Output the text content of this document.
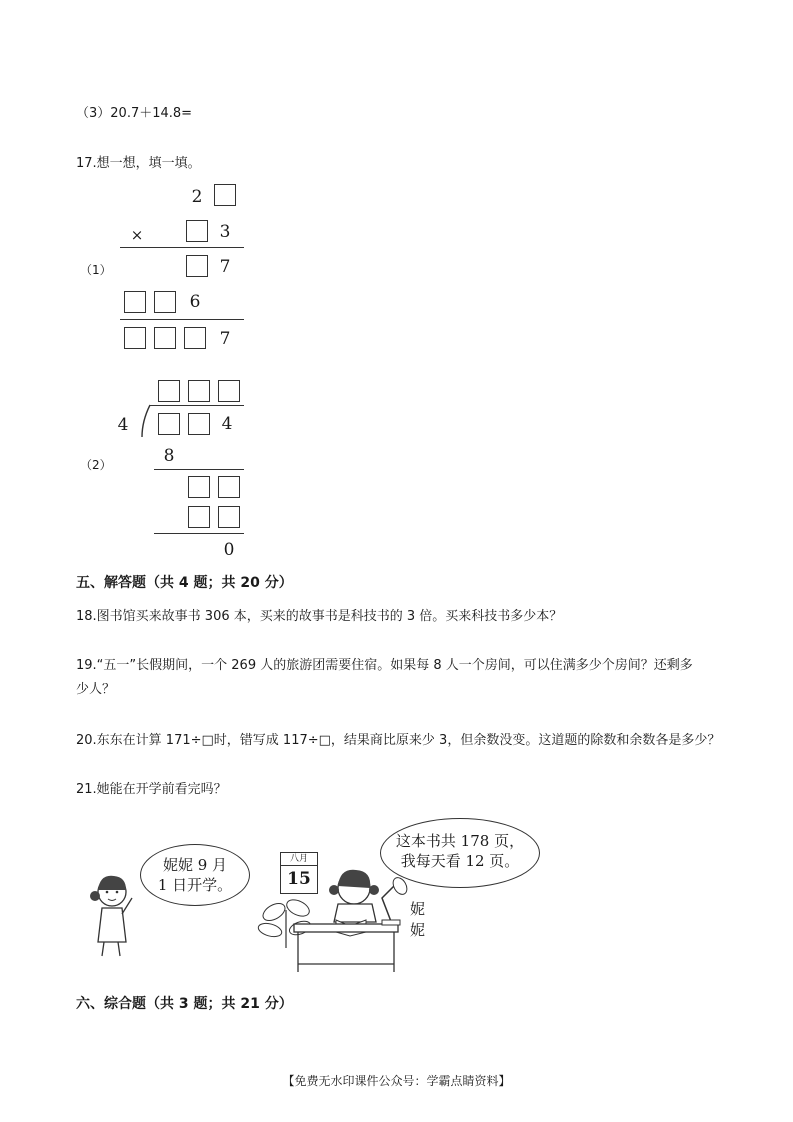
（3）20.7＋14.8=
17.想一想，填一填。
（1）
2
×	3
7
6
7
（2）
4	4
8
0
五、解答题（共 4 题；共 20 分）
18.图书馆买来故事书 306 本，买来的故事书是科技书的 3 倍。买来科技书多少本？
19.“五一”长假期间，一个 269 人的旅游团需要住宿。如果每 8 人一个房间，可以住满多少个房间？还剩多
少人？
20.东东在计算 171÷□时，错写成 117÷□，结果商比原来少 3，但余数没变。这道题的除数和余数各是多少？
21.她能在开学前看完吗？
妮妮 9 月
1 日开学。
八月
15
妮妮
这本书共 178 页，
我每天看 12 页。
六、综合题（共 3 题；共 21 分）
【免费无水印课件公众号：学霸点睛资料】
